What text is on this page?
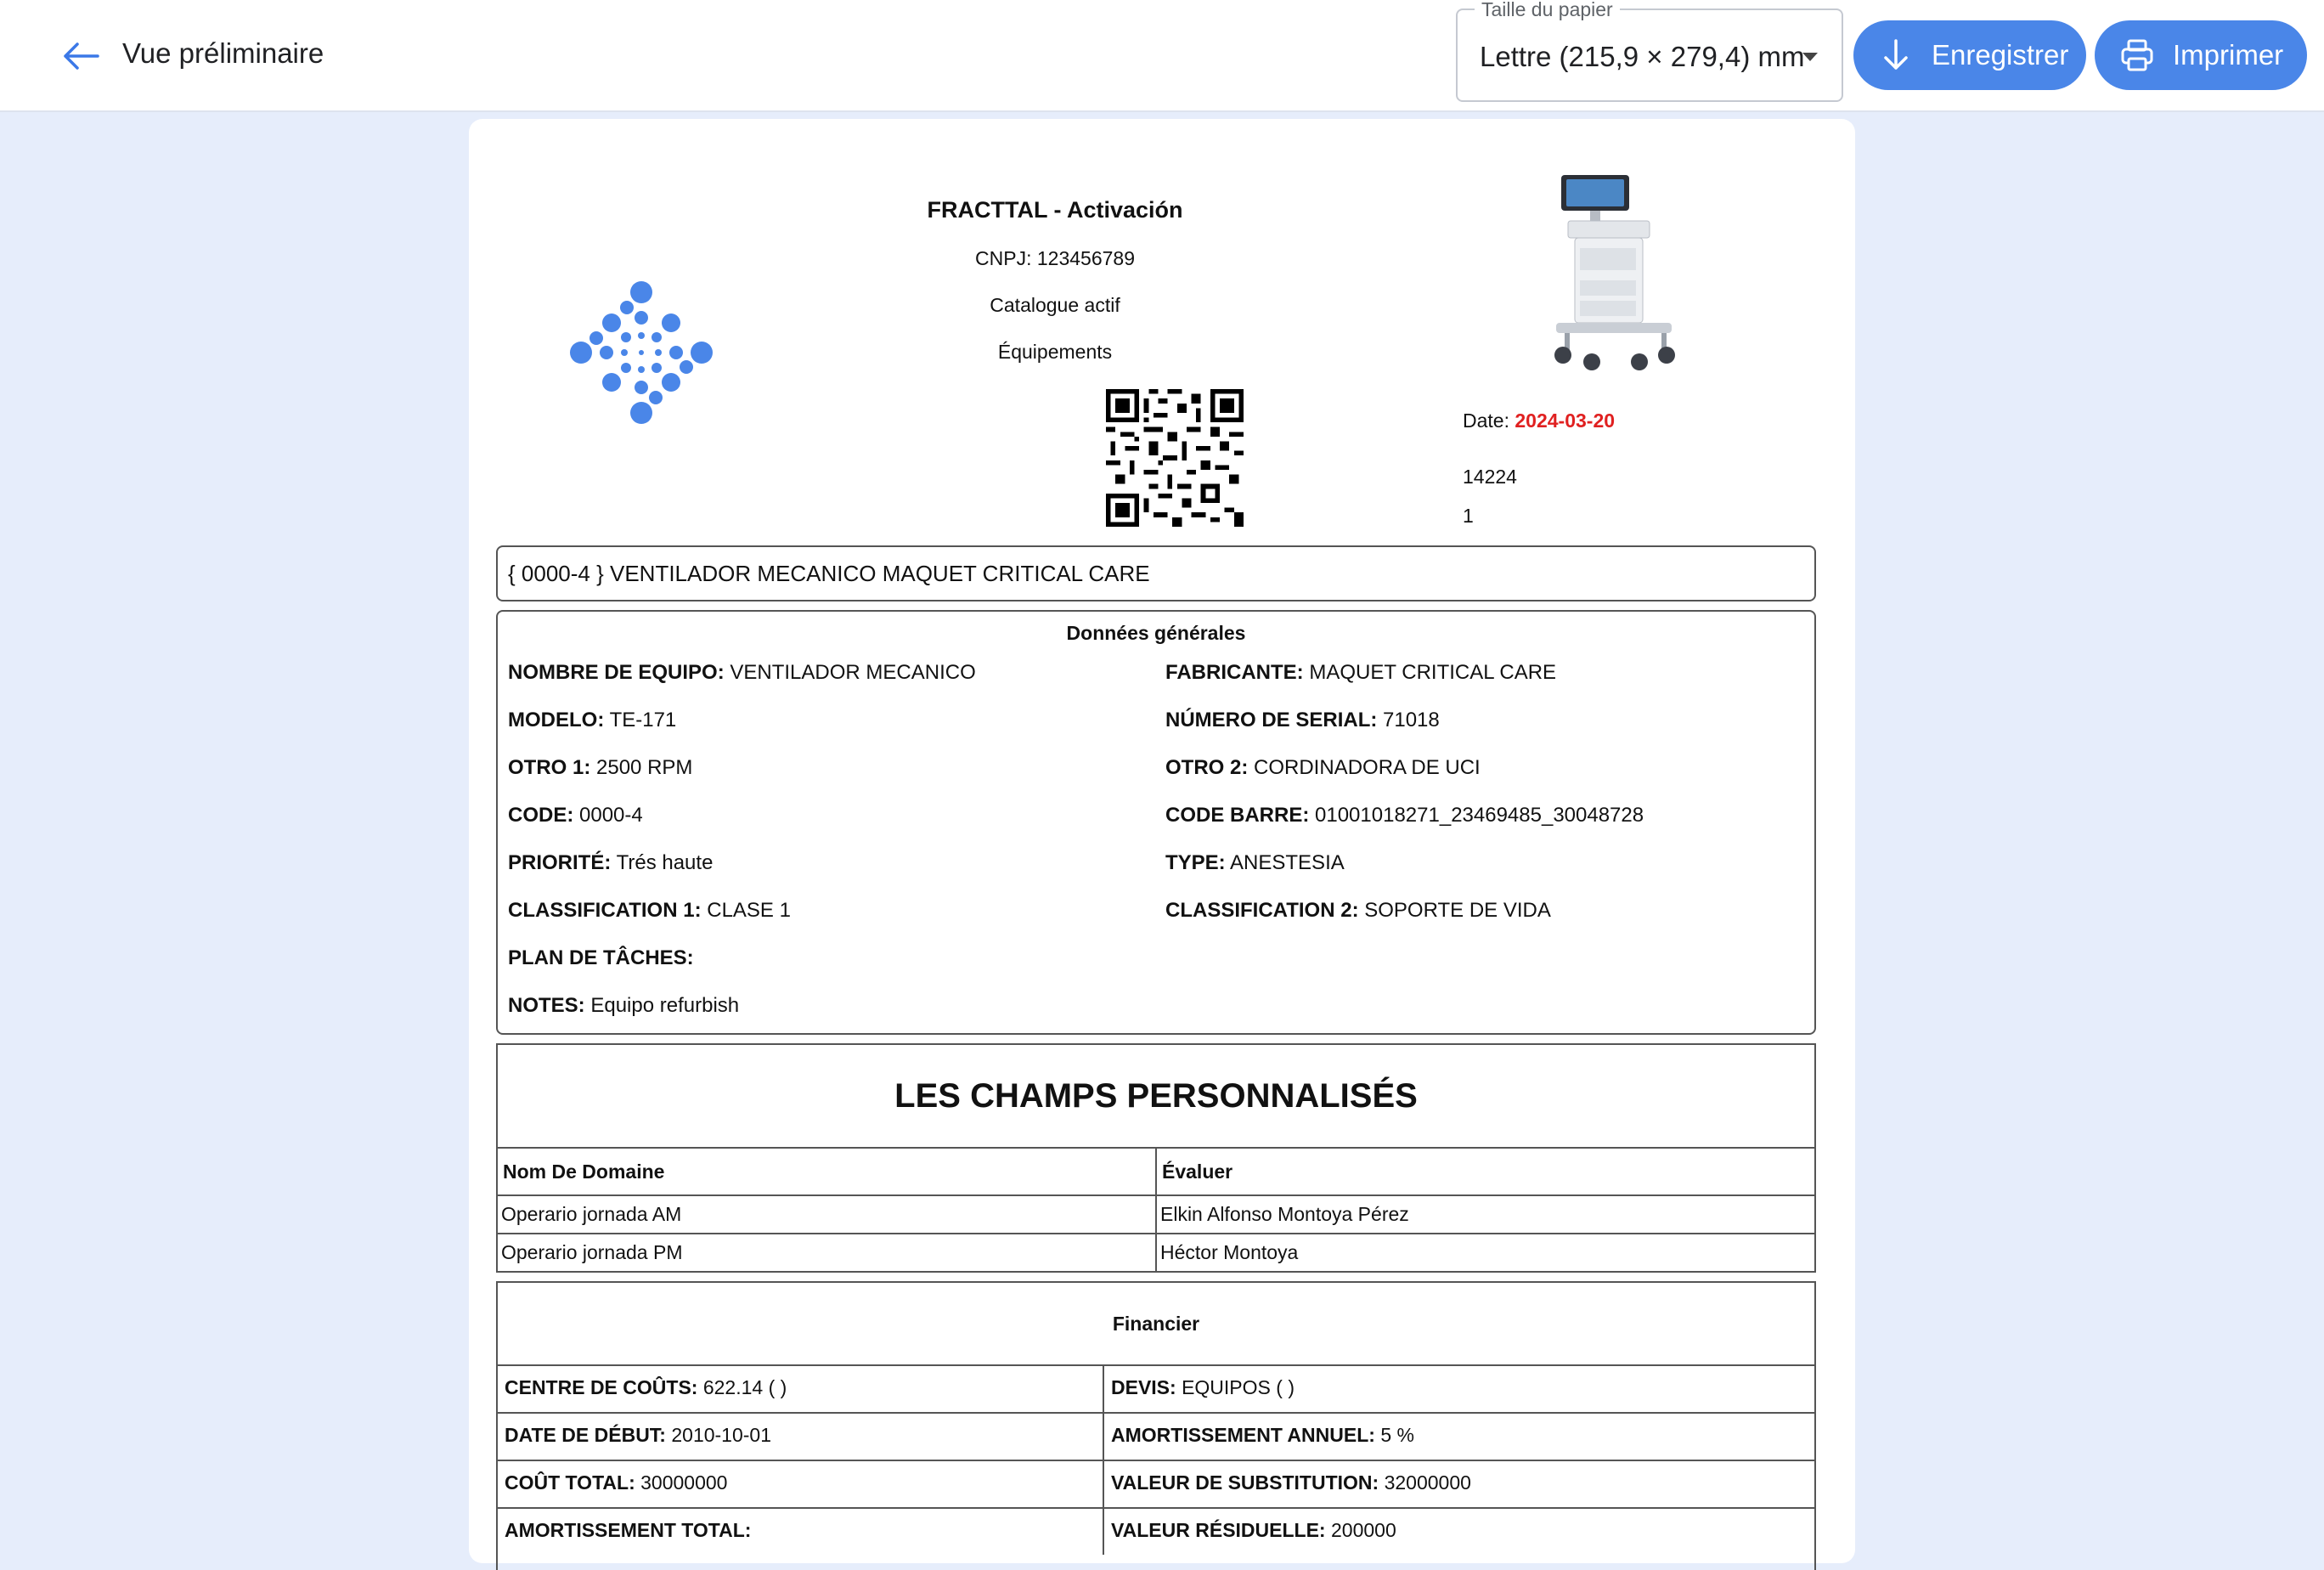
Vue préliminaire
Taille du papier
Lettre (215,9 × 279,4) mm	Enregistrer	Imprimer
FRACTTAL - Activación
CNPJ: 123456789
Catalogue actif
Équipements
Date: 2024-03-20
14224
1
{ 0000-4 } VENTILADOR MECANICO MAQUET CRITICAL CARE
Données générales
NOMBRE DE EQUIPO: VENTILADOR MECANICO	FABRICANTE: MAQUET CRITICAL CARE
MODELO: TE-171	NÚMERO DE SERIAL: 71018
OTRO 1: 2500 RPM	OTRO 2: CORDINADORA DE UCI
CODE: 0000-4	CODE BARRE: 01001018271_23469485_30048728
PRIORITÉ: Trés haute	TYPE: ANESTESIA
CLASSIFICATION 1: CLASE 1	CLASSIFICATION 2: SOPORTE DE VIDA
PLAN DE TÂCHES:
NOTES: Equipo refurbish
LES CHAMPS PERSONNALISÉS
Nom De Domaine	Évaluer
Operario jornada AM	Elkin Alfonso Montoya Pérez
Operario jornada PM	Héctor Montoya
Financier
CENTRE DE COÛTS: 622.14 ( )	DEVIS: EQUIPOS ( )
DATE DE DÉBUT: 2010-10-01	AMORTISSEMENT ANNUEL: 5 %
COÛT TOTAL: 30000000	VALEUR DE SUBSTITUTION: 32000000
AMORTISSEMENT TOTAL:	VALEUR RÉSIDUELLE: 200000
